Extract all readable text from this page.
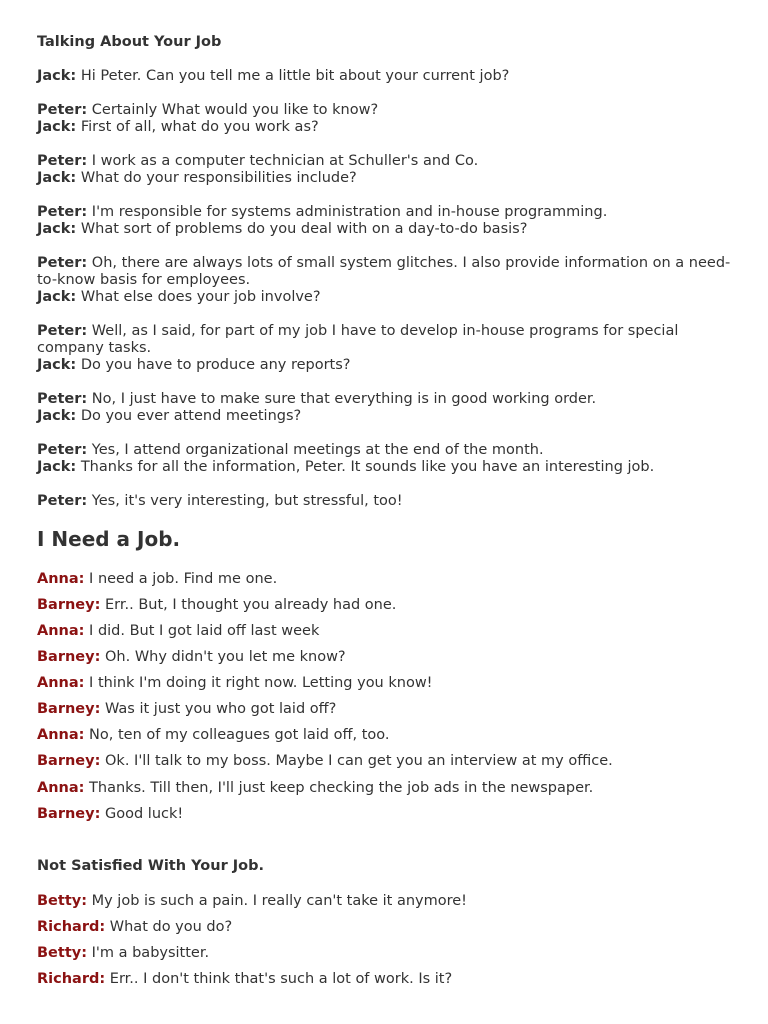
Talking About Your Job
Jack: Hi Peter. Can you tell me a little bit about your current job?
Peter: Certainly What would you like to know?
Jack: First of all, what do you work as?
Peter: I work as a computer technician at Schuller's and Co.
Jack: What do your responsibilities include?
Peter: I'm responsible for systems administration and in-house programming.
Jack: What sort of problems do you deal with on a day-to-do basis?
Peter: Oh, there are always lots of small system glitches. I also provide information on a need-to-know basis for employees.
Jack: What else does your job involve?
Peter: Well, as I said, for part of my job I have to develop in-house programs for special company tasks.
Jack: Do you have to produce any reports?
Peter: No, I just have to make sure that everything is in good working order.
Jack: Do you ever attend meetings?
Peter: Yes, I attend organizational meetings at the end of the month.
Jack: Thanks for all the information, Peter. It sounds like you have an interesting job.
Peter: Yes, it's very interesting, but stressful, too!
I Need a Job.
Anna: I need a job. Find me one.
Barney: Err.. But, I thought you already had one.
Anna: I did. But I got laid off last week
Barney: Oh. Why didn't you let me know?
Anna: I think I'm doing it right now. Letting you know!
Barney: Was it just you who got laid off?
Anna: No, ten of my colleagues got laid off, too.
Barney: Ok. I'll talk to my boss. Maybe I can get you an interview at my office.
Anna: Thanks. Till then, I'll just keep checking the job ads in the newspaper.
Barney: Good luck!
Not Satisfied With Your Job.
Betty: My job is such a pain. I really can't take it anymore!
Richard: What do you do?
Betty: I'm a babysitter.
Richard: Err.. I don't think that's such a lot of work. Is it?
